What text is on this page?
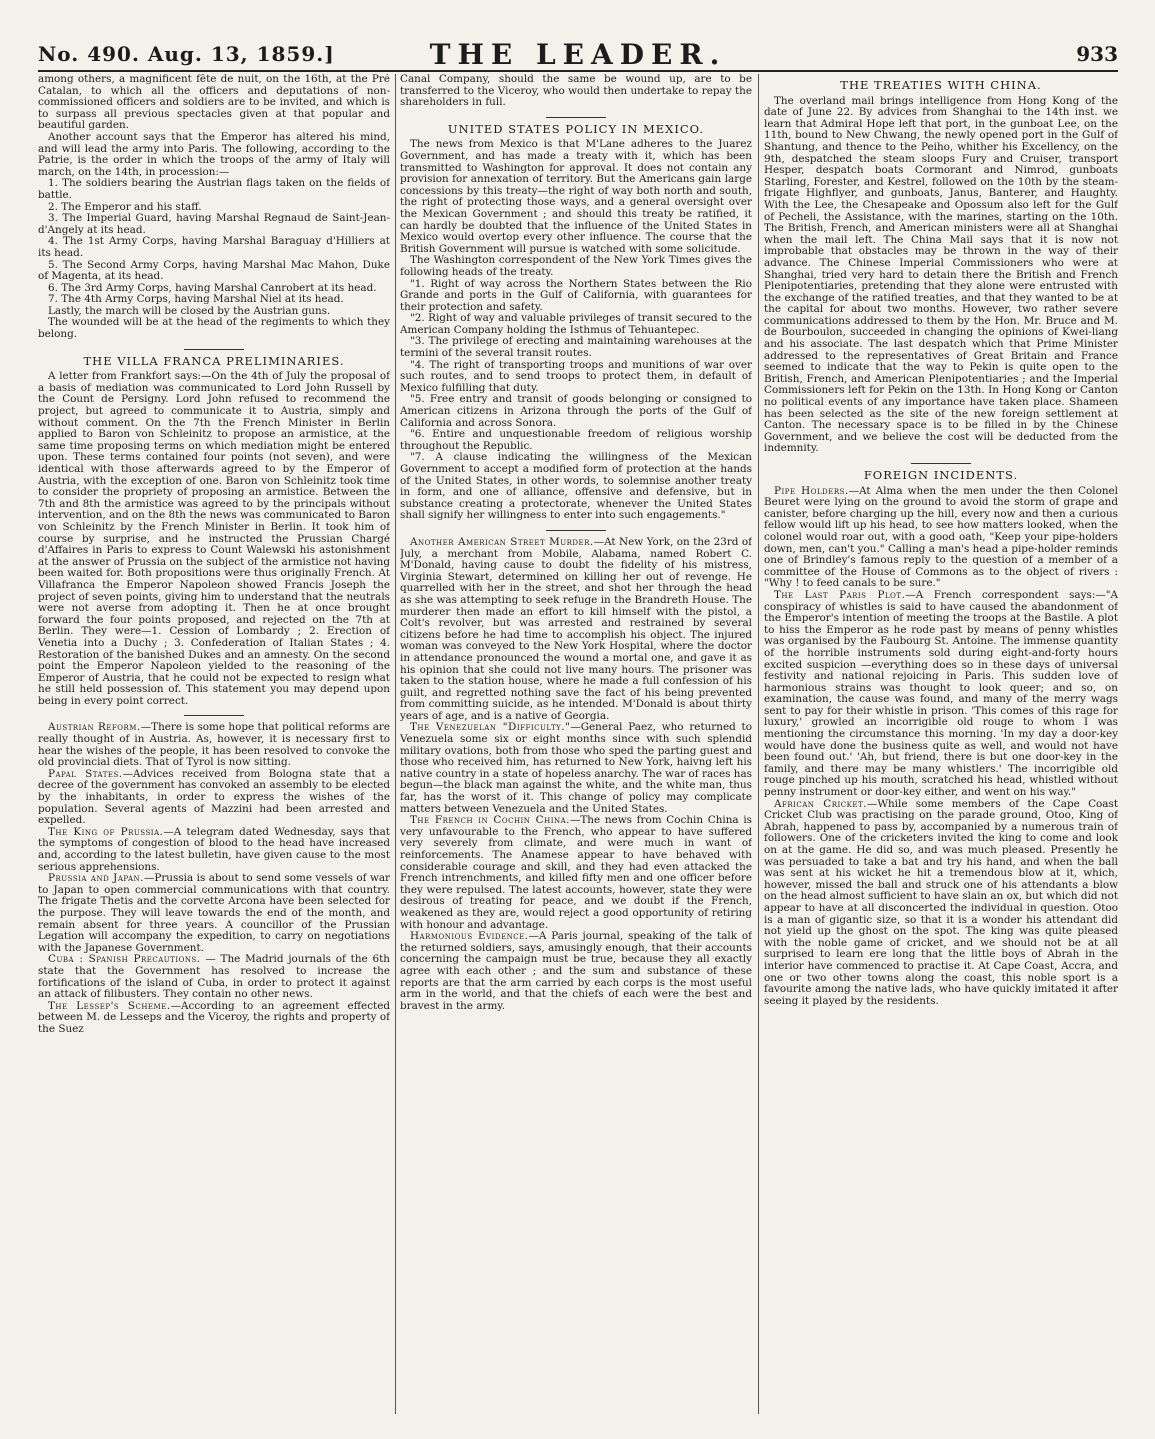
No. 490. Aug. 13, 1859.]	THE LEADER.	933

among others, a magnificent fête de nuit, on the 16th, at the Pré Catalan, to which all the officers and deputations of non-commissioned officers and soldiers are to be invited, and which is to surpass all previous spectacles given at that popular and beautiful garden.

Another account says that the Emperor has altered his mind, and will lead the army into Paris. The following, according to the Patrie, is the order in which the troops of the army of Italy will march, on the 14th, in procession:—

1. The soldiers bearing the Austrian flags taken on the fields of battle.

2. The Emperor and his staff.

3. The Imperial Guard, having Marshal Regnaud de Saint-Jean-d'Angely at its head.

4. The 1st Army Corps, having Marshal Baraguay d'Hilliers at its head.

5. The Second Army Corps, having Marshal Mac Mahon, Duke of Magenta, at its head.

6. The 3rd Army Corps, having Marshal Canrobert at its head.

7. The 4th Army Corps, having Marshal Niel at its head.

Lastly, the march will be closed by the Austrian guns.

The wounded will be at the head of the regiments to which they belong.

THE VILLA FRANCA PRELIMINARIES.

A letter from Frankfort says:—On the 4th of July the proposal of a basis of mediation was communicated to Lord John Russell by the Count de Persigny. Lord John refused to recommend the project, but agreed to communicate it to Austria, simply and without comment. On the 7th the French Minister in Berlin applied to Baron von Schleinitz to propose an armistice, at the same time proposing terms on which mediation might be entered upon. These terms contained four points (not seven), and were identical with those afterwards agreed to by the Emperor of Austria, with the exception of one. Baron von Schleinitz took time to consider the propriety of proposing an armistice. Between the 7th and 8th the armistice was agreed to by the principals without intervention, and on the 8th the news was communicated to Baron von Schleinitz by the French Minister in Berlin. It took him of course by surprise, and he instructed the Prussian Chargé d'Affaires in Paris to express to Count Walewski his astonishment at the answer of Prussia on the subject of the armistice not having been waited for. Both propositions were thus originally French. At Villafranca the Emperor Napoleon showed Francis Joseph the project of seven points, giving him to understand that the neutrals were not averse from adopting it. Then he at once brought forward the four points proposed, and rejected on the 7th at Berlin. They were—1. Cession of Lombardy ; 2. Erection of Venetia into a Duchy ; 3. Confederation of Italian States ; 4. Restoration of the banished Dukes and an amnesty. On the second point the Emperor Napoleon yielded to the reasoning of the Emperor of Austria, that he could not be expected to resign what he still held possession of. This statement you may depend upon being in every point correct.

Austrian Reform.—There is some hope that political reforms are really thought of in Austria. As, however, it is necessary first to hear the wishes of the people, it has been resolved to convoke the old provincial diets. That of Tyrol is now sitting.

Papal States.—Advices received from Bologna state that a decree of the government has convoked an assembly to be elected by the inhabitants, in order to express the wishes of the population. Several agents of Mazzini had been arrested and expelled.

The King of Prussia.—A telegram dated Wednesday, says that the symptoms of congestion of blood to the head have increased and, according to the latest bulletin, have given cause to the most serious apprehensions.

Prussia and Japan.—Prussia is about to send some vessels of war to Japan to open commercial communications with that country. The frigate Thetis and the corvette Arcona have been selected for the purpose. They will leave towards the end of the month, and remain absent for three years. A councillor of the Prussian Legation will accompany the expedition, to carry on negotiations with the Japanese Government.

Cuba : Spanish Precautions. — The Madrid journals of the 6th state that the Government has resolved to increase the fortifications of the island of Cuba, in order to protect it against an attack of filibusters. They contain no other news.

The Lessep's Scheme.—According to an agreement effected between M. de Lesseps and the Viceroy, the rights and property of the Suez

Canal Company, should the same be wound up, are to be transferred to the Viceroy, who would then undertake to repay the shareholders in full.

UNITED STATES POLICY IN MEXICO.

The news from Mexico is that M'Lane adheres to the Juarez Government, and has made a treaty with it, which has been transmitted to Washington for approval. It does not contain any provision for annexation of territory. But the Americans gain large concessions by this treaty—the right of way both north and south, the right of protecting those ways, and a general oversight over the Mexican Government ; and should this treaty be ratified, it can hardly be doubted that the influence of the United States in Mexico would overtop every other influence. The course that the British Government will pursue is watched with some solicitude.

The Washington correspondent of the New York Times gives the following heads of the treaty.

"1. Right of way across the Northern States between the Rio Grande and ports in the Gulf of California, with guarantees for their protection and safety.

"2. Right of way and valuable privileges of transit secured to the American Company holding the Isthmus of Tehuantepec.

"3. The privilege of erecting and maintaining warehouses at the termini of the several transit routes.

"4. The right of transporting troops and munitions of war over such routes, and to send troops to protect them, in default of Mexico fulfilling that duty.

"5. Free entry and transit of goods belonging or consigned to American citizens in Arizona through the ports of the Gulf of California and across Sonora.

"6. Entire and unquestionable freedom of religious worship throughout the Republic.

"7. A clause indicating the willingness of the Mexican Government to accept a modified form of protection at the hands of the United States, in other words, to solemnise another treaty in form, and one of alliance, offensive and defensive, but in substance creating a protectorate, whenever the United States shall signify her willingness to enter into such engagements."

Another American Street Murder.—At New York, on the 23rd of July, a merchant from Mobile, Alabama, named Robert C. M'Donald, having cause to doubt the fidelity of his mistress, Virginia Stewart, determined on killing her out of revenge. He quarrelled with her in the street, and shot her through the head as she was attempting to seek refuge in the Brandreth House. The murderer then made an effort to kill himself with the pistol, a Colt's revolver, but was arrested and restrained by several citizens before he had time to accomplish his object. The injured woman was conveyed to the New York Hospital, where the doctor in attendance pronounced the wound a mortal one, and gave it as his opinion that she could not live many hours. The prisoner was taken to the station house, where he made a full confession of his guilt, and regretted nothing save the fact of his being prevented from committing suicide, as he intended. M'Donald is about thirty years of age, and is a native of Georgia.

The Venezuelan "Difficulty."—General Paez, who returned to Venezuela some six or eight months since with such splendid military ovations, both from those who sped the parting guest and those who received him, has returned to New York, haivng left his native country in a state of hopeless anarchy. The war of races has begun—the black man against the white, and the white man, thus far, has the worst of it. This change of policy may complicate matters between Venezuela and the United States.

The French in Cochin China.—The news from Cochin China is very unfavourable to the French, who appear to have suffered very severely from climate, and were much in want of reinforcements. The Anamese appear to have behaved with considerable courage and skill, and they had even attacked the French intrenchments, and killed fifty men and one officer before they were repulsed. The latest accounts, however, state they were desirous of treating for peace, and we doubt if the French, weakened as they are, would reject a good opportunity of retiring with honour and advantage.

Harmonious Evidence.—A Paris journal, speaking of the talk of the returned soldiers, says, amusingly enough, that their accounts concerning the campaign must be true, because they all exactly agree with each other ; and the sum and substance of these reports are that the arm carried by each corps is the most useful arm in the world, and that the chiefs of each were the best and bravest in the army.

THE TREATIES WITH CHINA.

The overland mail brings intelligence from Hong Kong of the date of June 22. By advices from Shanghai to the 14th inst. we learn that Admiral Hope left that port, in the gunboat Lee, on the 11th, bound to New Chwang, the newly opened port in the Gulf of Shantung, and thence to the Peiho, whither his Excellency, on the 9th, despatched the steam sloops Fury and Cruiser, transport Hesper, despatch boats Cormorant and Nimrod, gunboats Starling, Forester, and Kestrel, followed on the 10th by the steam-frigate Highflyer, and gunboats, Janus, Banterer, and Haughty. With the Lee, the Chesapeake and Opossum also left for the Gulf of Pecheli, the Assistance, with the marines, starting on the 10th. The British, French, and American ministers were all at Shanghai when the mail left. The China Mail says that it is now not improbable that obstacles may be thrown in the way of their advance. The Chinese Imperial Commissioners who were at Shanghai, tried very hard to detain there the British and French Plenipotentiaries, pretending that they alone were entrusted with the exchange of the ratified treaties, and that they wanted to be at the capital for about two months. However, two rather severe communications addressed to them by the Hon. Mr. Bruce and M. de Bourboulon, succeeded in changing the opinions of Kwei-liang and his associate. The last despatch which that Prime Minister addressed to the representatives of Great Britain and France seemed to indicate that the way to Pekin is quite open to the British, French, and American Plenipotentiaries ; and the Imperial Commissioners left for Pekin on the 13th. In Hong Kong or Canton no political events of any importance have taken place. Shameen has been selected as the site of the new foreign settlement at Canton. The necessary space is to be filled in by the Chinese Government, and we believe the cost will be deducted from the indemnity.

FOREIGN INCIDENTS.

Pipe Holders.—At Alma when the men under the then Colonel Beuret were lying on the ground to avoid the storm of grape and canister, before charging up the hill, every now and then a curious fellow would lift up his head, to see how matters looked, when the colonel would roar out, with a good oath, "Keep your pipe-holders down, men, can't you." Calling a man's head a pipe-holder reminds one of Brindley's famous reply to the question of a member of a committee of the House of Commons as to the object of rivers : "Why ! to feed canals to be sure."

The Last Paris Plot.—A French correspondent says:—"A conspiracy of whistles is said to have caused the abandonment of the Emperor's intention of meeting the troops at the Bastile. A plot to hiss the Emperor as he rode past by means of penny whistles was organised by the Faubourg St. Antoine. The immense quantity of the horrible instruments sold during eight-and-forty hours excited suspicion —everything does so in these days of universal festivity and national rejoicing in Paris. This sudden love of harmonious strains was thought to look queer; and so, on examination, the cause was found, and many of the merry wags sent to pay for their whistle in prison. 'This comes of this rage for luxury,' growled an incorrigible old rouge to whom I was mentioning the circumstance this morning. 'In my day a door-key would have done the business quite as well, and would not have been found out.' 'Ah, but friend, there is but one door-key in the family, and there may be many whistlers.' The incorrigible old rouge pinched up his mouth, scratched his head, whistled without penny instrument or door-key either, and went on his way."

African Cricket.—While some members of the Cape Coast Cricket Club was practising on the parade ground, Otoo, King of Abrah, happened to pass by, accompanied by a numerous train of followers. One of the cricketers invited the king to come and look on at the game. He did so, and was much pleased. Presently he was persuaded to take a bat and try his hand, and when the ball was sent at his wicket he hit a tremendous blow at it, which, however, missed the ball and struck one of his attendants a blow on the head almost sufficient to have slain an ox, but which did not appear to have at all disconcerted the individual in question. Otoo is a man of gigantic size, so that it is a wonder his attendant did not yield up the ghost on the spot. The king was quite pleased with the noble game of cricket, and we should not be at all surprised to learn ere long that the little boys of Abrah in the interior have commenced to practise it. At Cape Coast, Accra, and one or two other towns along the coast, this noble sport is a favourite among the native lads, who have quickly imitated it after seeing it played by the residents.
